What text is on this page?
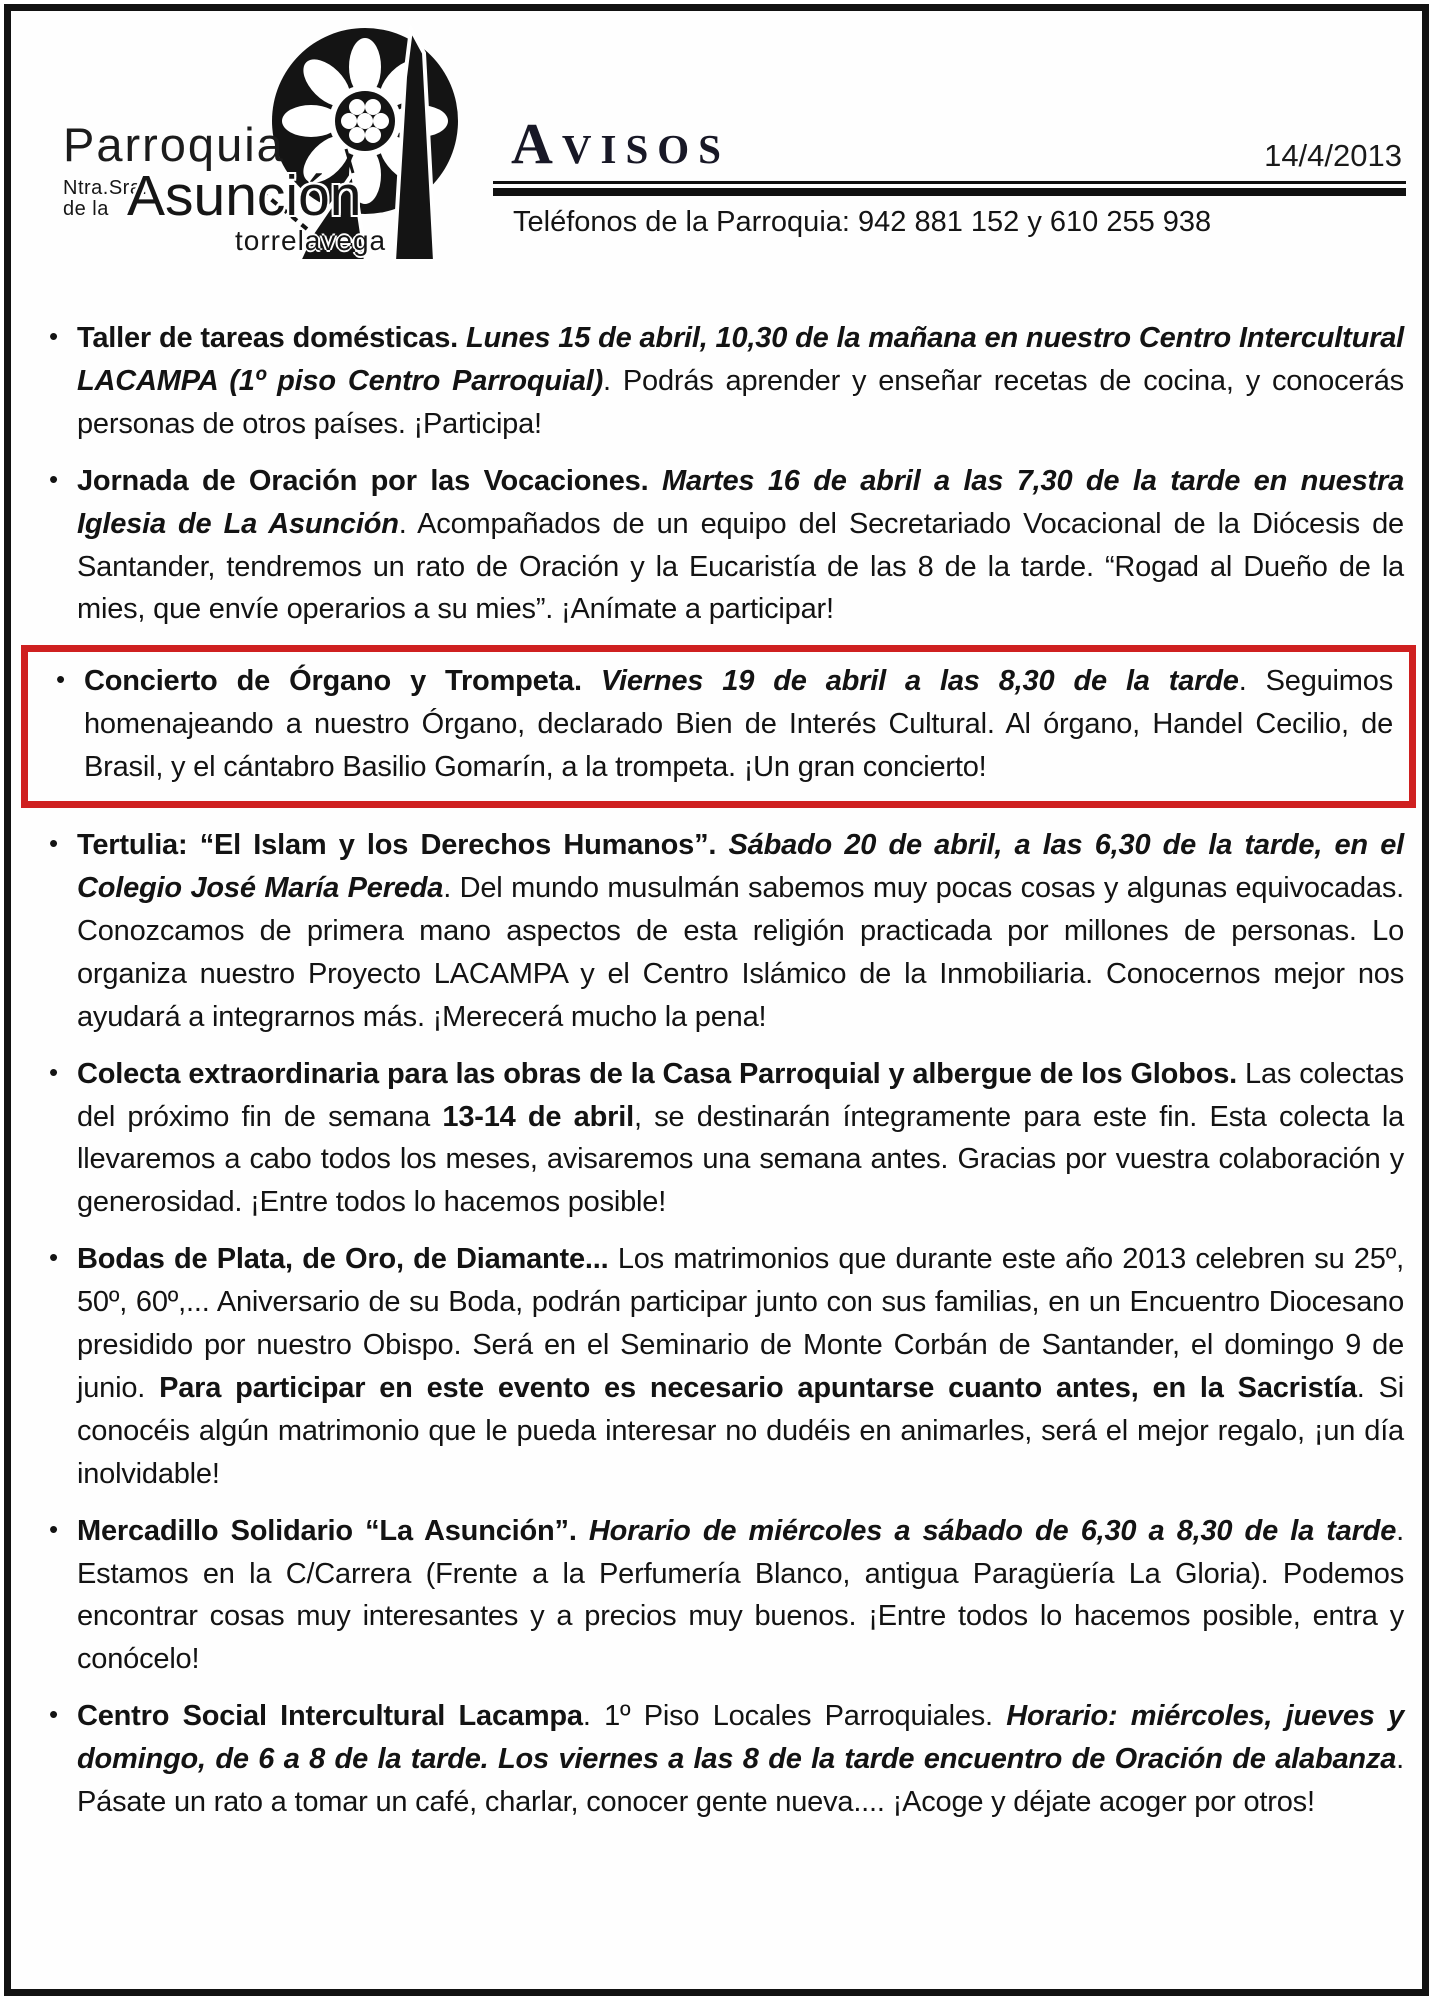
Parroquia
Ntra.Sra.
de la Asunción
torrelavega
Avisos	14/4/2013
Teléfonos de la Parroquia: 942 881 152 y 610 255 938
• Taller de tareas domésticas. Lunes 15 de abril, 10,30 de la mañana en nuestro Centro Intercultural LACAMPA (1º piso Centro Parroquial). Podrás aprender y enseñar recetas de cocina, y conocerás personas de otros países. ¡Participa!
• Jornada de Oración por las Vocaciones. Martes 16 de abril a las 7,30 de la tarde en nuestra Iglesia de La Asunción. Acompañados de un equipo del Secretariado Vocacional de la Diócesis de Santander, tendremos un rato de Oración y la Eucaristía de las 8 de la tarde. “Rogad al Dueño de la mies, que envíe operarios a su mies”. ¡Anímate a participar!
• Concierto de Órgano y Trompeta. Viernes 19 de abril a las 8,30 de la tarde. Seguimos homenajeando a nuestro Órgano, declarado Bien de Interés Cultural. Al órgano, Handel Cecilio, de Brasil, y el cántabro Basilio Gomarín, a la trompeta. ¡Un gran concierto!
• Tertulia: “El Islam y los Derechos Humanos”. Sábado 20 de abril, a las 6,30 de la tarde, en el Colegio José María Pereda. Del mundo musulmán sabemos muy pocas cosas y algunas equivocadas. Conozcamos de primera mano aspectos de esta religión practicada por millones de personas. Lo organiza nuestro Proyecto LACAMPA y el Centro Islámico de la Inmobiliaria. Conocernos mejor nos ayudará a integrarnos más. ¡Merecerá mucho la pena!
• Colecta extraordinaria para las obras de la Casa Parroquial y albergue de los Globos. Las colectas del próximo fin de semana 13-14 de abril, se destinarán íntegramente para este fin. Esta colecta la llevaremos a cabo todos los meses, avisaremos una semana antes. Gracias por vuestra colaboración y generosidad. ¡Entre todos lo hacemos posible!
• Bodas de Plata, de Oro, de Diamante... Los matrimonios que durante este año 2013 celebren su 25º, 50º, 60º,... Aniversario de su Boda, podrán participar junto con sus familias, en un Encuentro Diocesano presidido por nuestro Obispo. Será en el Seminario de Monte Corbán de Santander, el domingo 9 de junio. Para participar en este evento es necesario apuntarse cuanto antes, en la Sacristía. Si conocéis algún matrimonio que le pueda interesar no dudéis en animarles, será el mejor regalo, ¡un día inolvidable!
• Mercadillo Solidario “La Asunción”. Horario de miércoles a sábado de 6,30 a 8,30 de la tarde. Estamos en la C/Carrera (Frente a la Perfumería Blanco, antigua Paragüería La Gloria). Podemos encontrar cosas muy interesantes y a precios muy buenos. ¡Entre todos lo hacemos posible, entra y conócelo!
• Centro Social Intercultural Lacampa. 1º Piso Locales Parroquiales. Horario: miércoles, jueves y domingo, de 6 a 8 de la tarde. Los viernes a las 8 de la tarde encuentro de Oración de alabanza. Pásate un rato a tomar un café, charlar, conocer gente nueva.... ¡Acoge y déjate acoger por otros!
